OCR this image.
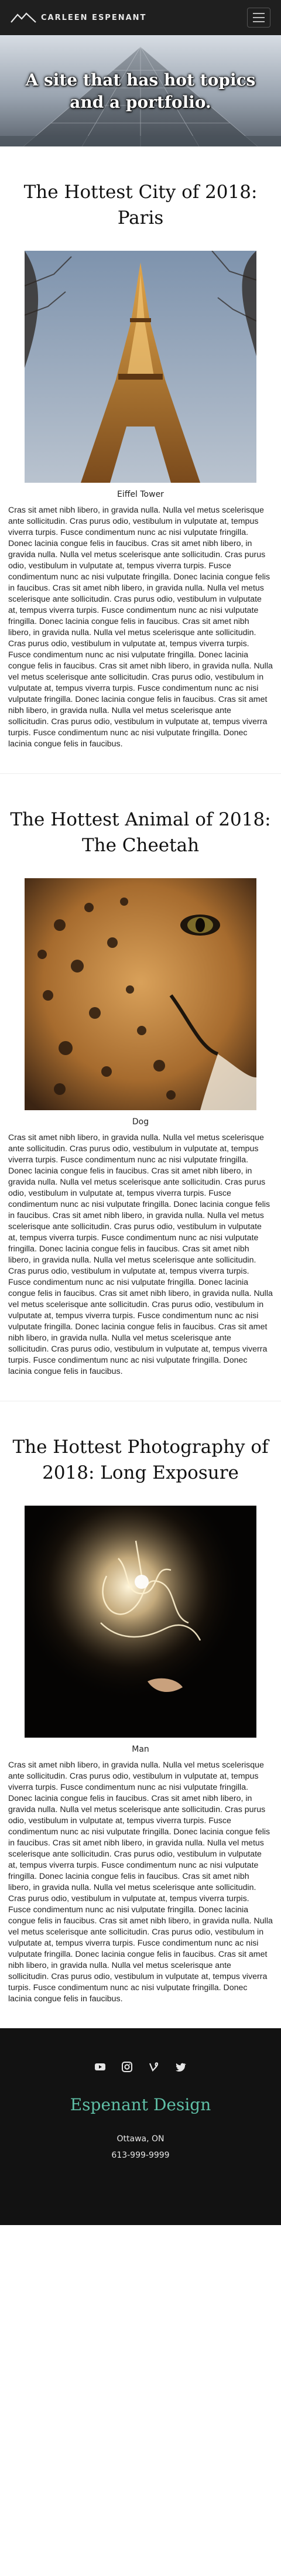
CARLEEN ESPENANT
A site that has hot topics and a portfolio.
The Hottest City of 2018: Paris
Eiffel Tower

Cras sit amet nibh libero, in gravida nulla. Nulla vel metus scelerisque ante sollicitudin. Cras purus odio, vestibulum in vulputate at, tempus viverra turpis. Fusce condimentum nunc ac nisi vulputate fringilla. Donec lacinia congue felis in faucibus. Cras sit amet nibh libero, in gravida nulla. Nulla vel metus scelerisque ante sollicitudin. Cras purus odio, vestibulum in vulputate at, tempus viverra turpis. Fusce condimentum nunc ac nisi vulputate fringilla. Donec lacinia congue felis in faucibus. Cras sit amet nibh libero, in gravida nulla. Nulla vel metus scelerisque ante sollicitudin. Cras purus odio, vestibulum in vulputate at, tempus viverra turpis. Fusce condimentum nunc ac nisi vulputate fringilla. Donec lacinia congue felis in faucibus. Cras sit amet nibh libero, in gravida nulla. Nulla vel metus scelerisque ante sollicitudin. Cras purus odio, vestibulum in vulputate at, tempus viverra turpis. Fusce condimentum nunc ac nisi vulputate fringilla. Donec lacinia congue felis in faucibus. Cras sit amet nibh libero, in gravida nulla. Nulla vel metus scelerisque ante sollicitudin. Cras purus odio, vestibulum in vulputate at, tempus viverra turpis. Fusce condimentum nunc ac nisi vulputate fringilla. Donec lacinia congue felis in faucibus. Cras sit amet nibh libero, in gravida nulla. Nulla vel metus scelerisque ante sollicitudin. Cras purus odio, vestibulum in vulputate at, tempus viverra turpis. Fusce condimentum nunc ac nisi vulputate fringilla. Donec lacinia congue felis in faucibus.

The Hottest Animal of 2018: The Cheetah
Dog

Cras sit amet nibh libero, in gravida nulla. Nulla vel metus scelerisque ante sollicitudin. Cras purus odio, vestibulum in vulputate at, tempus viverra turpis. Fusce condimentum nunc ac nisi vulputate fringilla. Donec lacinia congue felis in faucibus. Cras sit amet nibh libero, in gravida nulla. Nulla vel metus scelerisque ante sollicitudin. Cras purus odio, vestibulum in vulputate at, tempus viverra turpis. Fusce condimentum nunc ac nisi vulputate fringilla. Donec lacinia congue felis in faucibus. Cras sit amet nibh libero, in gravida nulla. Nulla vel metus scelerisque ante sollicitudin. Cras purus odio, vestibulum in vulputate at, tempus viverra turpis. Fusce condimentum nunc ac nisi vulputate fringilla. Donec lacinia congue felis in faucibus. Cras sit amet nibh libero, in gravida nulla. Nulla vel metus scelerisque ante sollicitudin. Cras purus odio, vestibulum in vulputate at, tempus viverra turpis. Fusce condimentum nunc ac nisi vulputate fringilla. Donec lacinia congue felis in faucibus. Cras sit amet nibh libero, in gravida nulla. Nulla vel metus scelerisque ante sollicitudin. Cras purus odio, vestibulum in vulputate at, tempus viverra turpis. Fusce condimentum nunc ac nisi vulputate fringilla. Donec lacinia congue felis in faucibus. Cras sit amet nibh libero, in gravida nulla. Nulla vel metus scelerisque ante sollicitudin. Cras purus odio, vestibulum in vulputate at, tempus viverra turpis. Fusce condimentum nunc ac nisi vulputate fringilla. Donec lacinia congue felis in faucibus.

The Hottest Photography of 2018: Long Exposure
Man

Cras sit amet nibh libero, in gravida nulla. Nulla vel metus scelerisque ante sollicitudin. Cras purus odio, vestibulum in vulputate at, tempus viverra turpis. Fusce condimentum nunc ac nisi vulputate fringilla. Donec lacinia congue felis in faucibus. Cras sit amet nibh libero, in gravida nulla. Nulla vel metus scelerisque ante sollicitudin. Cras purus odio, vestibulum in vulputate at, tempus viverra turpis. Fusce condimentum nunc ac nisi vulputate fringilla. Donec lacinia congue felis in faucibus. Cras sit amet nibh libero, in gravida nulla. Nulla vel metus scelerisque ante sollicitudin. Cras purus odio, vestibulum in vulputate at, tempus viverra turpis. Fusce condimentum nunc ac nisi vulputate fringilla. Donec lacinia congue felis in faucibus. Cras sit amet nibh libero, in gravida nulla. Nulla vel metus scelerisque ante sollicitudin. Cras purus odio, vestibulum in vulputate at, tempus viverra turpis. Fusce condimentum nunc ac nisi vulputate fringilla. Donec lacinia congue felis in faucibus. Cras sit amet nibh libero, in gravida nulla. Nulla vel metus scelerisque ante sollicitudin. Cras purus odio, vestibulum in vulputate at, tempus viverra turpis. Fusce condimentum nunc ac nisi vulputate fringilla. Donec lacinia congue felis in faucibus. Cras sit amet nibh libero, in gravida nulla. Nulla vel metus scelerisque ante sollicitudin. Cras purus odio, vestibulum in vulputate at, tempus viverra turpis. Fusce condimentum nunc ac nisi vulputate fringilla. Donec lacinia congue felis in faucibus.

Espenant Design
Ottawa, ON
613-999-9999
